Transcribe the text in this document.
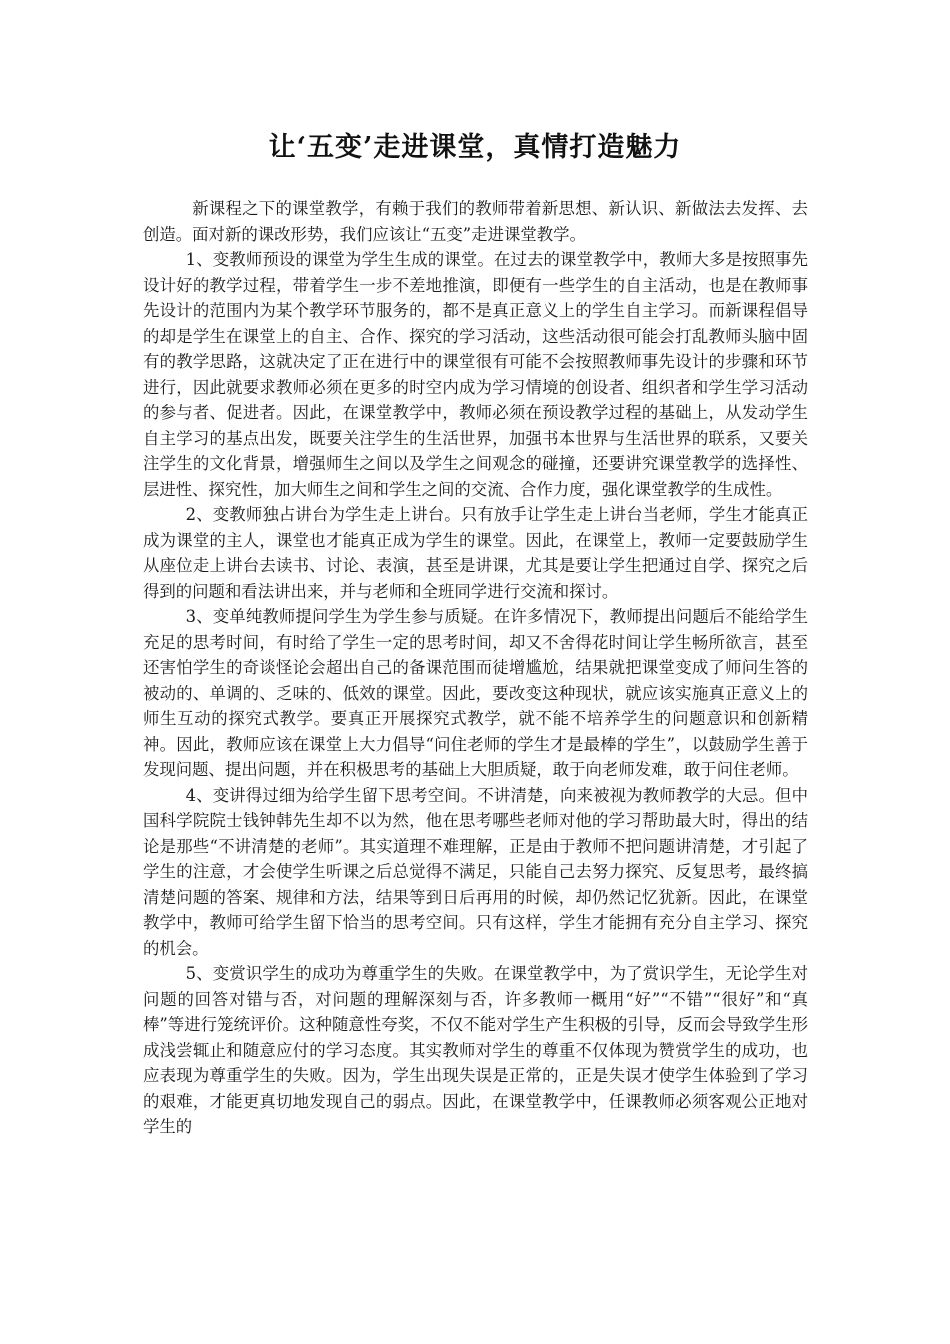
让‘五变’走进课堂，真情打造魅力

新课程之下的课堂教学，有赖于我们的教师带着新思想、新认识、新做法去发挥、去创造。面对新的课改形势，我们应该让“五变”走进课堂教学。

1、变教师预设的课堂为学生生成的课堂。在过去的课堂教学中，教师大多是按照事先设计好的教学过程，带着学生一步不差地推演，即便有一些学生的自主活动，也是在教师事先设计的范围内为某个教学环节服务的，都不是真正意义上的学生自主学习。而新课程倡导的却是学生在课堂上的自主、合作、探究的学习活动，这些活动很可能会打乱教师头脑中固有的教学思路，这就决定了正在进行中的课堂很有可能不会按照教师事先设计的步骤和环节进行，因此就要求教师必须在更多的时空内成为学习情境的创设者、组织者和学生学习活动的参与者、促进者。因此，在课堂教学中，教师必须在预设教学过程的基础上，从发动学生自主学习的基点出发，既要关注学生的生活世界，加强书本世界与生活世界的联系，又要关注学生的文化背景，增强师生之间以及学生之间观念的碰撞，还要讲究课堂教学的选择性、层进性、探究性，加大师生之间和学生之间的交流、合作力度，强化课堂教学的生成性。

2、变教师独占讲台为学生走上讲台。只有放手让学生走上讲台当老师，学生才能真正成为课堂的主人，课堂也才能真正成为学生的课堂。因此，在课堂上，教师一定要鼓励学生从座位走上讲台去读书、讨论、表演，甚至是讲课，尤其是要让学生把通过自学、探究之后得到的问题和看法讲出来，并与老师和全班同学进行交流和探讨。

3、变单纯教师提问学生为学生参与质疑。在许多情况下，教师提出问题后不能给学生充足的思考时间，有时给了学生一定的思考时间，却又不舍得花时间让学生畅所欲言，甚至还害怕学生的奇谈怪论会超出自己的备课范围而徒增尴尬，结果就把课堂变成了师问生答的被动的、单调的、乏味的、低效的课堂。因此，要改变这种现状，就应该实施真正意义上的师生互动的探究式教学。要真正开展探究式教学，就不能不培养学生的问题意识和创新精神。因此，教师应该在课堂上大力倡导“问住老师的学生才是最棒的学生”，以鼓励学生善于发现问题、提出问题，并在积极思考的基础上大胆质疑，敢于向老师发难，敢于问住老师。

4、变讲得过细为给学生留下思考空间。不讲清楚，向来被视为教师教学的大忌。但中国科学院院士钱钟韩先生却不以为然，他在思考哪些老师对他的学习帮助最大时，得出的结论是那些“不讲清楚的老师”。其实道理不难理解，正是由于教师不把问题讲清楚，才引起了学生的注意，才会使学生听课之后总觉得不满足，只能自己去努力探究、反复思考，最终搞清楚问题的答案、规律和方法，结果等到日后再用的时候，却仍然记忆犹新。因此，在课堂教学中，教师可给学生留下恰当的思考空间。只有这样，学生才能拥有充分自主学习、探究的机会。

5、变赏识学生的成功为尊重学生的失败。在课堂教学中，为了赏识学生，无论学生对问题的回答对错与否，对问题的理解深刻与否，许多教师一概用“好”“不错”“很好”和“真棒”等进行笼统评价。这种随意性夸奖，不仅不能对学生产生积极的引导，反而会导致学生形成浅尝辄止和随意应付的学习态度。其实教师对学生的尊重不仅体现为赞赏学生的成功，也应表现为尊重学生的失败。因为，学生出现失误是正常的，正是失误才使学生体验到了学习的艰难，才能更真切地发现自己的弱点。因此，在课堂教学中，任课教师必须客观公正地对学生的
